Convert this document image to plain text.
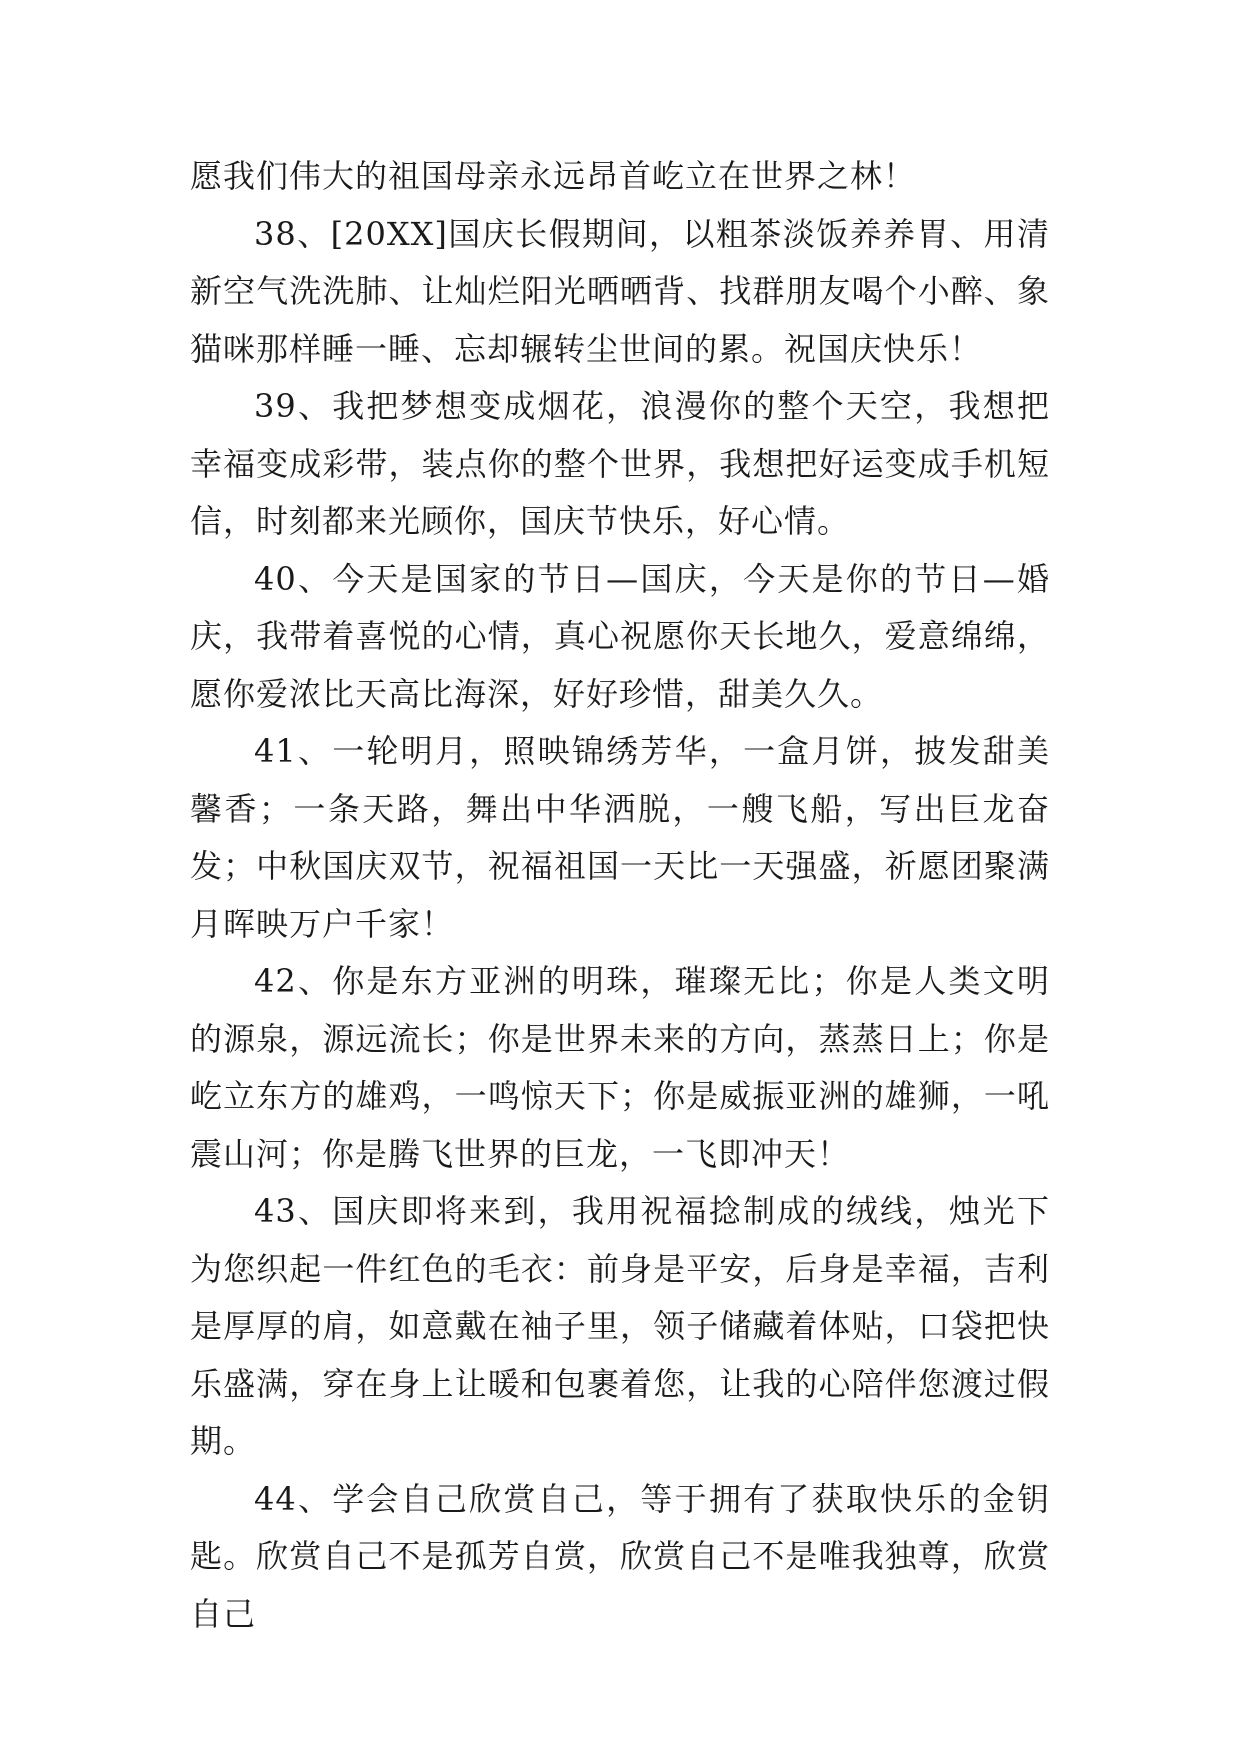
愿我们伟大的祖国母亲永远昂首屹立在世界之林！

38、[20XX]国庆长假期间，以粗茶淡饭养养胃、用清新空气洗洗肺、让灿烂阳光晒晒背、找群朋友喝个小醉、象猫咪那样睡一睡、忘却辗转尘世间的累。祝国庆快乐！

39、我把梦想变成烟花，浪漫你的整个天空，我想把幸福变成彩带，装点你的整个世界，我想把好运变成手机短信，时刻都来光顾你，国庆节快乐，好心情。

40、今天是国家的节日—国庆，今天是你的节日—婚庆，我带着喜悦的心情，真心祝愿你天长地久，爱意绵绵，愿你爱浓比天高比海深，好好珍惜，甜美久久。

41、一轮明月，照映锦绣芳华，一盒月饼，披发甜美馨香；一条天路，舞出中华洒脱，一艘飞船，写出巨龙奋发；中秋国庆双节，祝福祖国一天比一天强盛，祈愿团聚满月晖映万户千家！

42、你是东方亚洲的明珠，璀璨无比；你是人类文明的源泉，源远流长；你是世界未来的方向，蒸蒸日上；你是屹立东方的雄鸡，一鸣惊天下；你是威振亚洲的雄狮，一吼震山河；你是腾飞世界的巨龙，一飞即冲天！

43、国庆即将来到，我用祝福捻制成的绒线，烛光下为您织起一件红色的毛衣：前身是平安，后身是幸福，吉利是厚厚的肩，如意戴在袖子里，领子储藏着体贴，口袋把快乐盛满，穿在身上让暖和包裹着您，让我的心陪伴您渡过假期。

44、学会自己欣赏自己，等于拥有了获取快乐的金钥匙。欣赏自己不是孤芳自赏，欣赏自己不是唯我独尊，欣赏自己
